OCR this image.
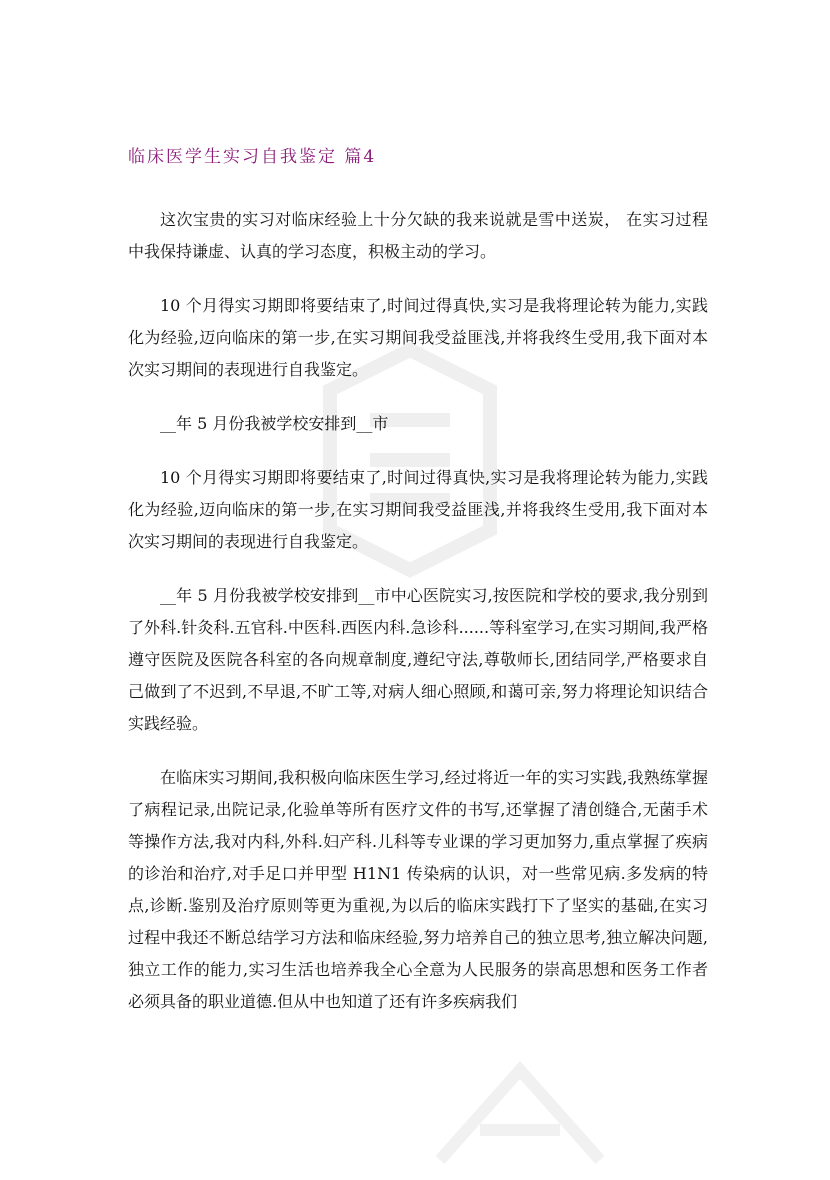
临床医学生实习自我鉴定 篇4

这次宝贵的实习对临床经验上十分欠缺的我来说就是雪中送炭， 在实习过程中我保持谦虚、认真的学习态度，积极主动的学习。

10 个月得实习期即将要结束了,时间过得真快,实习是我将理论转为能力,实践化为经验,迈向临床的第一步,在实习期间我受益匪浅,并将我终生受用,我下面对本次实习期间的表现进行自我鉴定。

__年 5 月份我被学校安排到__市

10 个月得实习期即将要结束了,时间过得真快,实习是我将理论转为能力,实践化为经验,迈向临床的第一步,在实习期间我受益匪浅,并将我终生受用,我下面对本次实习期间的表现进行自我鉴定。

__年 5 月份我被学校安排到__市中心医院实习,按医院和学校的要求,我分别到了外科.针灸科.五官科.中医科.西医内科.急诊科......等科室学习,在实习期间,我严格遵守医院及医院各科室的各向规章制度,遵纪守法,尊敬师长,团结同学,严格要求自己做到了不迟到,不早退,不旷工等,对病人细心照顾,和蔼可亲,努力将理论知识结合实践经验。

在临床实习期间,我积极向临床医生学习,经过将近一年的实习实践,我熟练掌握了病程记录,出院记录,化验单等所有医疗文件的书写,还掌握了清创缝合,无菌手术等操作方法,我对内科,外科.妇产科.儿科等专业课的学习更加努力,重点掌握了疾病的诊治和治疗,对手足口并甲型 H1N1 传染病的认识，对一些常见病.多发病的特点,诊断.鉴别及治疗原则等更为重视,为以后的临床实践打下了坚实的基础,在实习过程中我还不断总结学习方法和临床经验,努力培养自己的独立思考,独立解决问题,独立工作的能力,实习生活也培养我全心全意为人民服务的崇高思想和医务工作者必须具备的职业道德.但从中也知道了还有许多疾病我们
